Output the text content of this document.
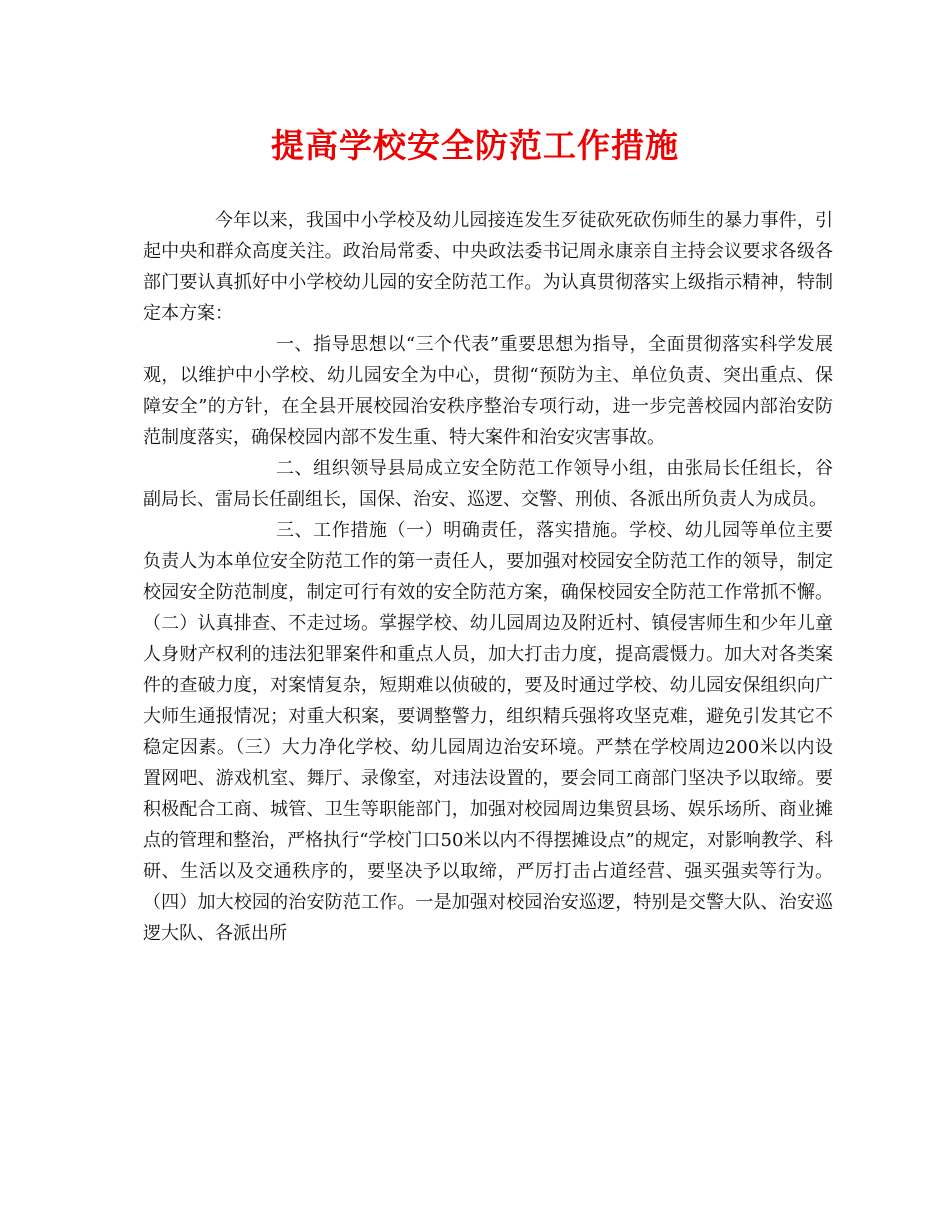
提高学校安全防范工作措施

今年以来，我国中小学校及幼儿园接连发生歹徒砍死砍伤师生的暴力事件，引起中央和群众高度关注。政治局常委、中央政法委书记周永康亲自主持会议要求各级各部门要认真抓好中小学校幼儿园的安全防范工作。为认真贯彻落实上级指示精神，特制定本方案：

一、指导思想以“三个代表”重要思想为指导，全面贯彻落实科学发展观，以维护中小学校、幼儿园安全为中心，贯彻“预防为主、单位负责、突出重点、保障安全”的方针，在全县开展校园治安秩序整治专项行动，进一步完善校园内部治安防范制度落实，确保校园内部不发生重、特大案件和治安灾害事故。

二、组织领导县局成立安全防范工作领导小组，由张局长任组长，谷副局长、雷局长任副组长，国保、治安、巡逻、交警、刑侦、各派出所负责人为成员。

三、工作措施（一）明确责任，落实措施。学校、幼儿园等单位主要负责人为本单位安全防范工作的第一责任人，要加强对校园安全防范工作的领导，制定校园安全防范制度，制定可行有效的安全防范方案，确保校园安全防范工作常抓不懈。（二）认真排查、不走过场。掌握学校、幼儿园周边及附近村、镇侵害师生和少年儿童人身财产权利的违法犯罪案件和重点人员，加大打击力度，提高震慑力。加大对各类案件的查破力度，对案情复杂，短期难以侦破的，要及时通过学校、幼儿园安保组织向广大师生通报情况；对重大积案，要调整警力，组织精兵强将攻坚克难，避免引发其它不稳定因素。（三）大力净化学校、幼儿园周边治安环境。严禁在学校周边200米以内设置网吧、游戏机室、舞厅、录像室，对违法设置的，要会同工商部门坚决予以取缔。要积极配合工商、城管、卫生等职能部门，加强对校园周边集贸县场、娱乐场所、商业摊点的管理和整治，严格执行“学校门口50米以内不得摆摊设点”的规定，对影响教学、科研、生活以及交通秩序的，要坚决予以取缔，严厉打击占道经营、强买强卖等行为。（四）加大校园的治安防范工作。一是加强对校园治安巡逻，特别是交警大队、治安巡逻大队、各派出所
